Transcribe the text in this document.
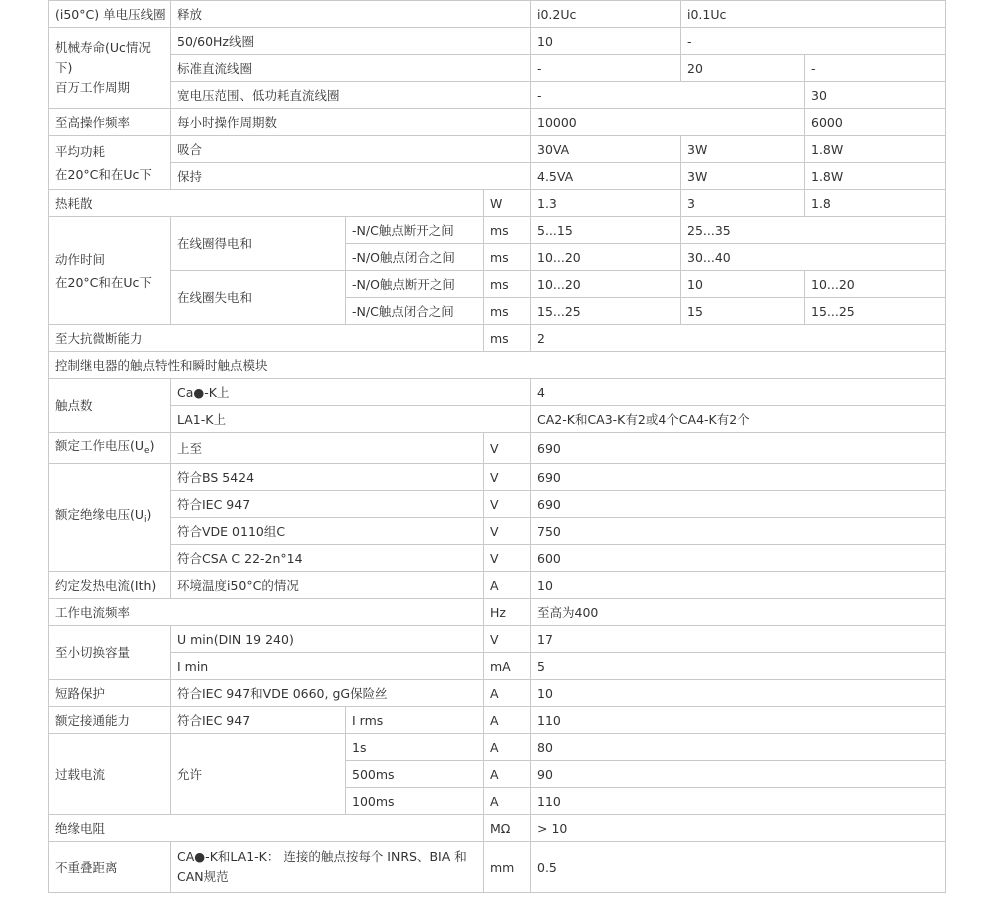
(i50°C) 单电压线圈	释放			i0.2Uc	i0.1Uc	
机械寿命(Uc情况下)
百万工作周期	50/60Hz线圈			10	-	
	标准直流线圈			-	20	-
	宽电压范围、低功耗直流线圈			-		30
至高操作频率	每小时操作周期数			10000		6000
平均功耗
在20°C和在Uc下	吸合			30VA	3W	1.8W
	保持			4.5VA	3W	1.8W
热耗散			W	1.3	3	1.8
动作时间
在20°C和在Uc下	在线圈得电和	-N/C触点断开之间	ms	5...15	25...35	
		-N/O触点闭合之间	ms	10...20	30...40	
	在线圈失电和	-N/O触点断开之间	ms	10...20	10	10...20
		-N/C触点闭合之间	ms	15...25	15	15...25
至大抗微断能力			ms	2		
控制继电器的触点特性和瞬时触点模块						
触点数	Ca●-K上			4		
	LA1-K上			CA2-K和CA3-K有2或4个CA4-K有2个		
额定工作电压$(U_e)$	上至		V	690		
额定绝缘电压$(U_i)$	符合BS 5424		V	690		
	符合IEC 947		V	690		
	符合VDE 0110组C		V	750		
	符合CSA C 22-2n°14		V	600		
约定发热电流(Ith)	环境温度i50°C的情况		A	10		
工作电流频率			Hz	至高为400		
至小切换容量	U min(DIN 19 240)		V	17		
	I min		mA	5		
短路保护	符合IEC 947和VDE 0660, gG保险丝		A	10		
额定接通能力	符合IEC 947	I rms	A	110		
过载电流	允许	1s	A	80		
		500ms	A	90		
		100ms	A	110		
绝缘电阻			MΩ	> 10		
不重叠距离	CA●-K和LA1-K： 连接的触点按每个 INRS、BIA 和 CAN规范		mm	0.5		
